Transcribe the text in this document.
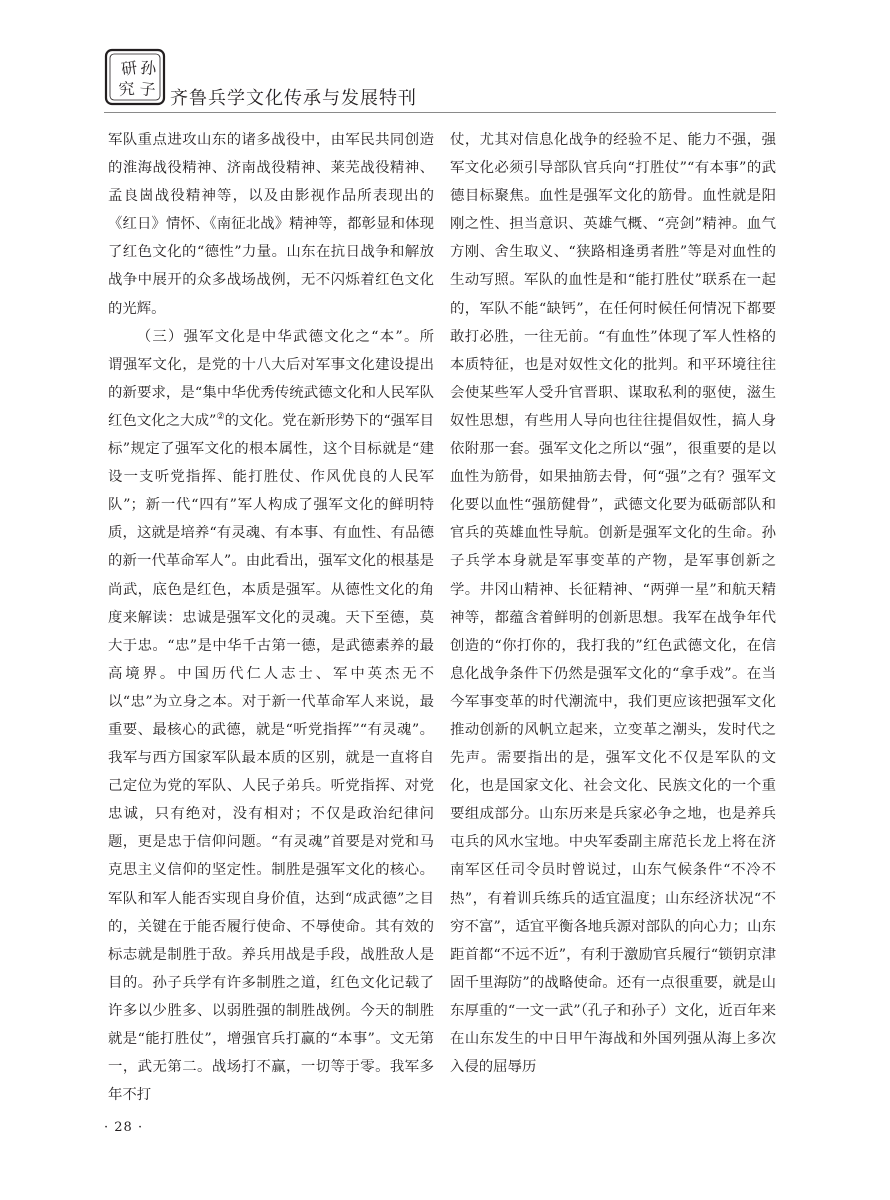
研 孙
究 子 齐鲁兵学文化传承与发展特刊

军队重点进攻山东的诸多战役中，由军民共同创造的淮海战役精神、济南战役精神、莱芜战役精神、孟良崮战役精神等，以及由影视作品所表现出的《红日》情怀、《南征北战》精神等，都彰显和体现了红色文化的“德性”力量。山东在抗日战争和解放战争中展开的众多战场战例，无不闪烁着红色文化的光辉。

（三）强军文化是中华武德文化之“本”。所谓强军文化，是党的十八大后对军事文化建设提出的新要求，是“集中华优秀传统武德文化和人民军队红色文化之大成”②的文化。党在新形势下的“强军目标”规定了强军文化的根本属性，这个目标就是“建设一支听党指挥、能打胜仗、作风优良的人民军队”；新一代“四有”军人构成了强军文化的鲜明特质，这就是培养“有灵魂、有本事、有血性、有品德的新一代革命军人”。由此看出，强军文化的根基是尚武，底色是红色，本质是强军。从德性文化的角度来解读：忠诚是强军文化的灵魂。天下至德，莫大于忠。“忠”是中华千古第一德，是武德素养的最高境界。中国历代仁人志士、军中英杰无不以“忠”为立身之本。对于新一代革命军人来说，最重要、最核心的武德，就是“听党指挥”“有灵魂”。我军与西方国家军队最本质的区别，就是一直将自己定位为党的军队、人民子弟兵。听党指挥、对党忠诚，只有绝对，没有相对；不仅是政治纪律问题，更是忠于信仰问题。“有灵魂”首要是对党和马克思主义信仰的坚定性。制胜是强军文化的核心。军队和军人能否实现自身价值，达到“成武德”之目的，关键在于能否履行使命、不辱使命。其有效的标志就是制胜于敌。养兵用战是手段，战胜敌人是目的。孙子兵学有许多制胜之道，红色文化记载了许多以少胜多、以弱胜强的制胜战例。今天的制胜就是“能打胜仗”，增强官兵打赢的“本事”。文无第一，武无第二。战场打不赢，一切等于零。我军多年不打

仗，尤其对信息化战争的经验不足、能力不强，强军文化必须引导部队官兵向“打胜仗”“有本事”的武德目标聚焦。血性是强军文化的筋骨。血性就是阳刚之性、担当意识、英雄气概、“亮剑”精神。血气方刚、舍生取义、“狭路相逢勇者胜”等是对血性的生动写照。军队的血性是和“能打胜仗”联系在一起的，军队不能“缺钙”，在任何时候任何情况下都要敢打必胜，一往无前。“有血性”体现了军人性格的本质特征，也是对奴性文化的批判。和平环境往往会使某些军人受升官晋职、谋取私利的驱使，滋生奴性思想，有些用人导向也往往提倡奴性，搞人身依附那一套。强军文化之所以“强”，很重要的是以血性为筋骨，如果抽筋去骨，何“强”之有？强军文化要以血性“强筋健骨”，武德文化要为砥砺部队和官兵的英雄血性导航。创新是强军文化的生命。孙子兵学本身就是军事变革的产物，是军事创新之学。井冈山精神、长征精神、“两弹一星”和航天精神等，都蕴含着鲜明的创新思想。我军在战争年代创造的“你打你的，我打我的”红色武德文化，在信息化战争条件下仍然是强军文化的“拿手戏”。在当今军事变革的时代潮流中，我们更应该把强军文化推动创新的风帆立起来，立变革之潮头，发时代之先声。需要指出的是，强军文化不仅是军队的文化，也是国家文化、社会文化、民族文化的一个重要组成部分。山东历来是兵家必争之地，也是养兵屯兵的风水宝地。中央军委副主席范长龙上将在济南军区任司令员时曾说过，山东气候条件“不冷不热”，有着训兵练兵的适宜温度；山东经济状况“不穷不富”，适宜平衡各地兵源对部队的向心力；山东距首都“不远不近”，有利于激励官兵履行“锁钥京津固千里海防”的战略使命。还有一点很重要，就是山东厚重的“一文一武”（孔子和孙子）文化，近百年来在山东发生的中日甲午海战和外国列强从海上多次入侵的屈辱历

· 28 ·
